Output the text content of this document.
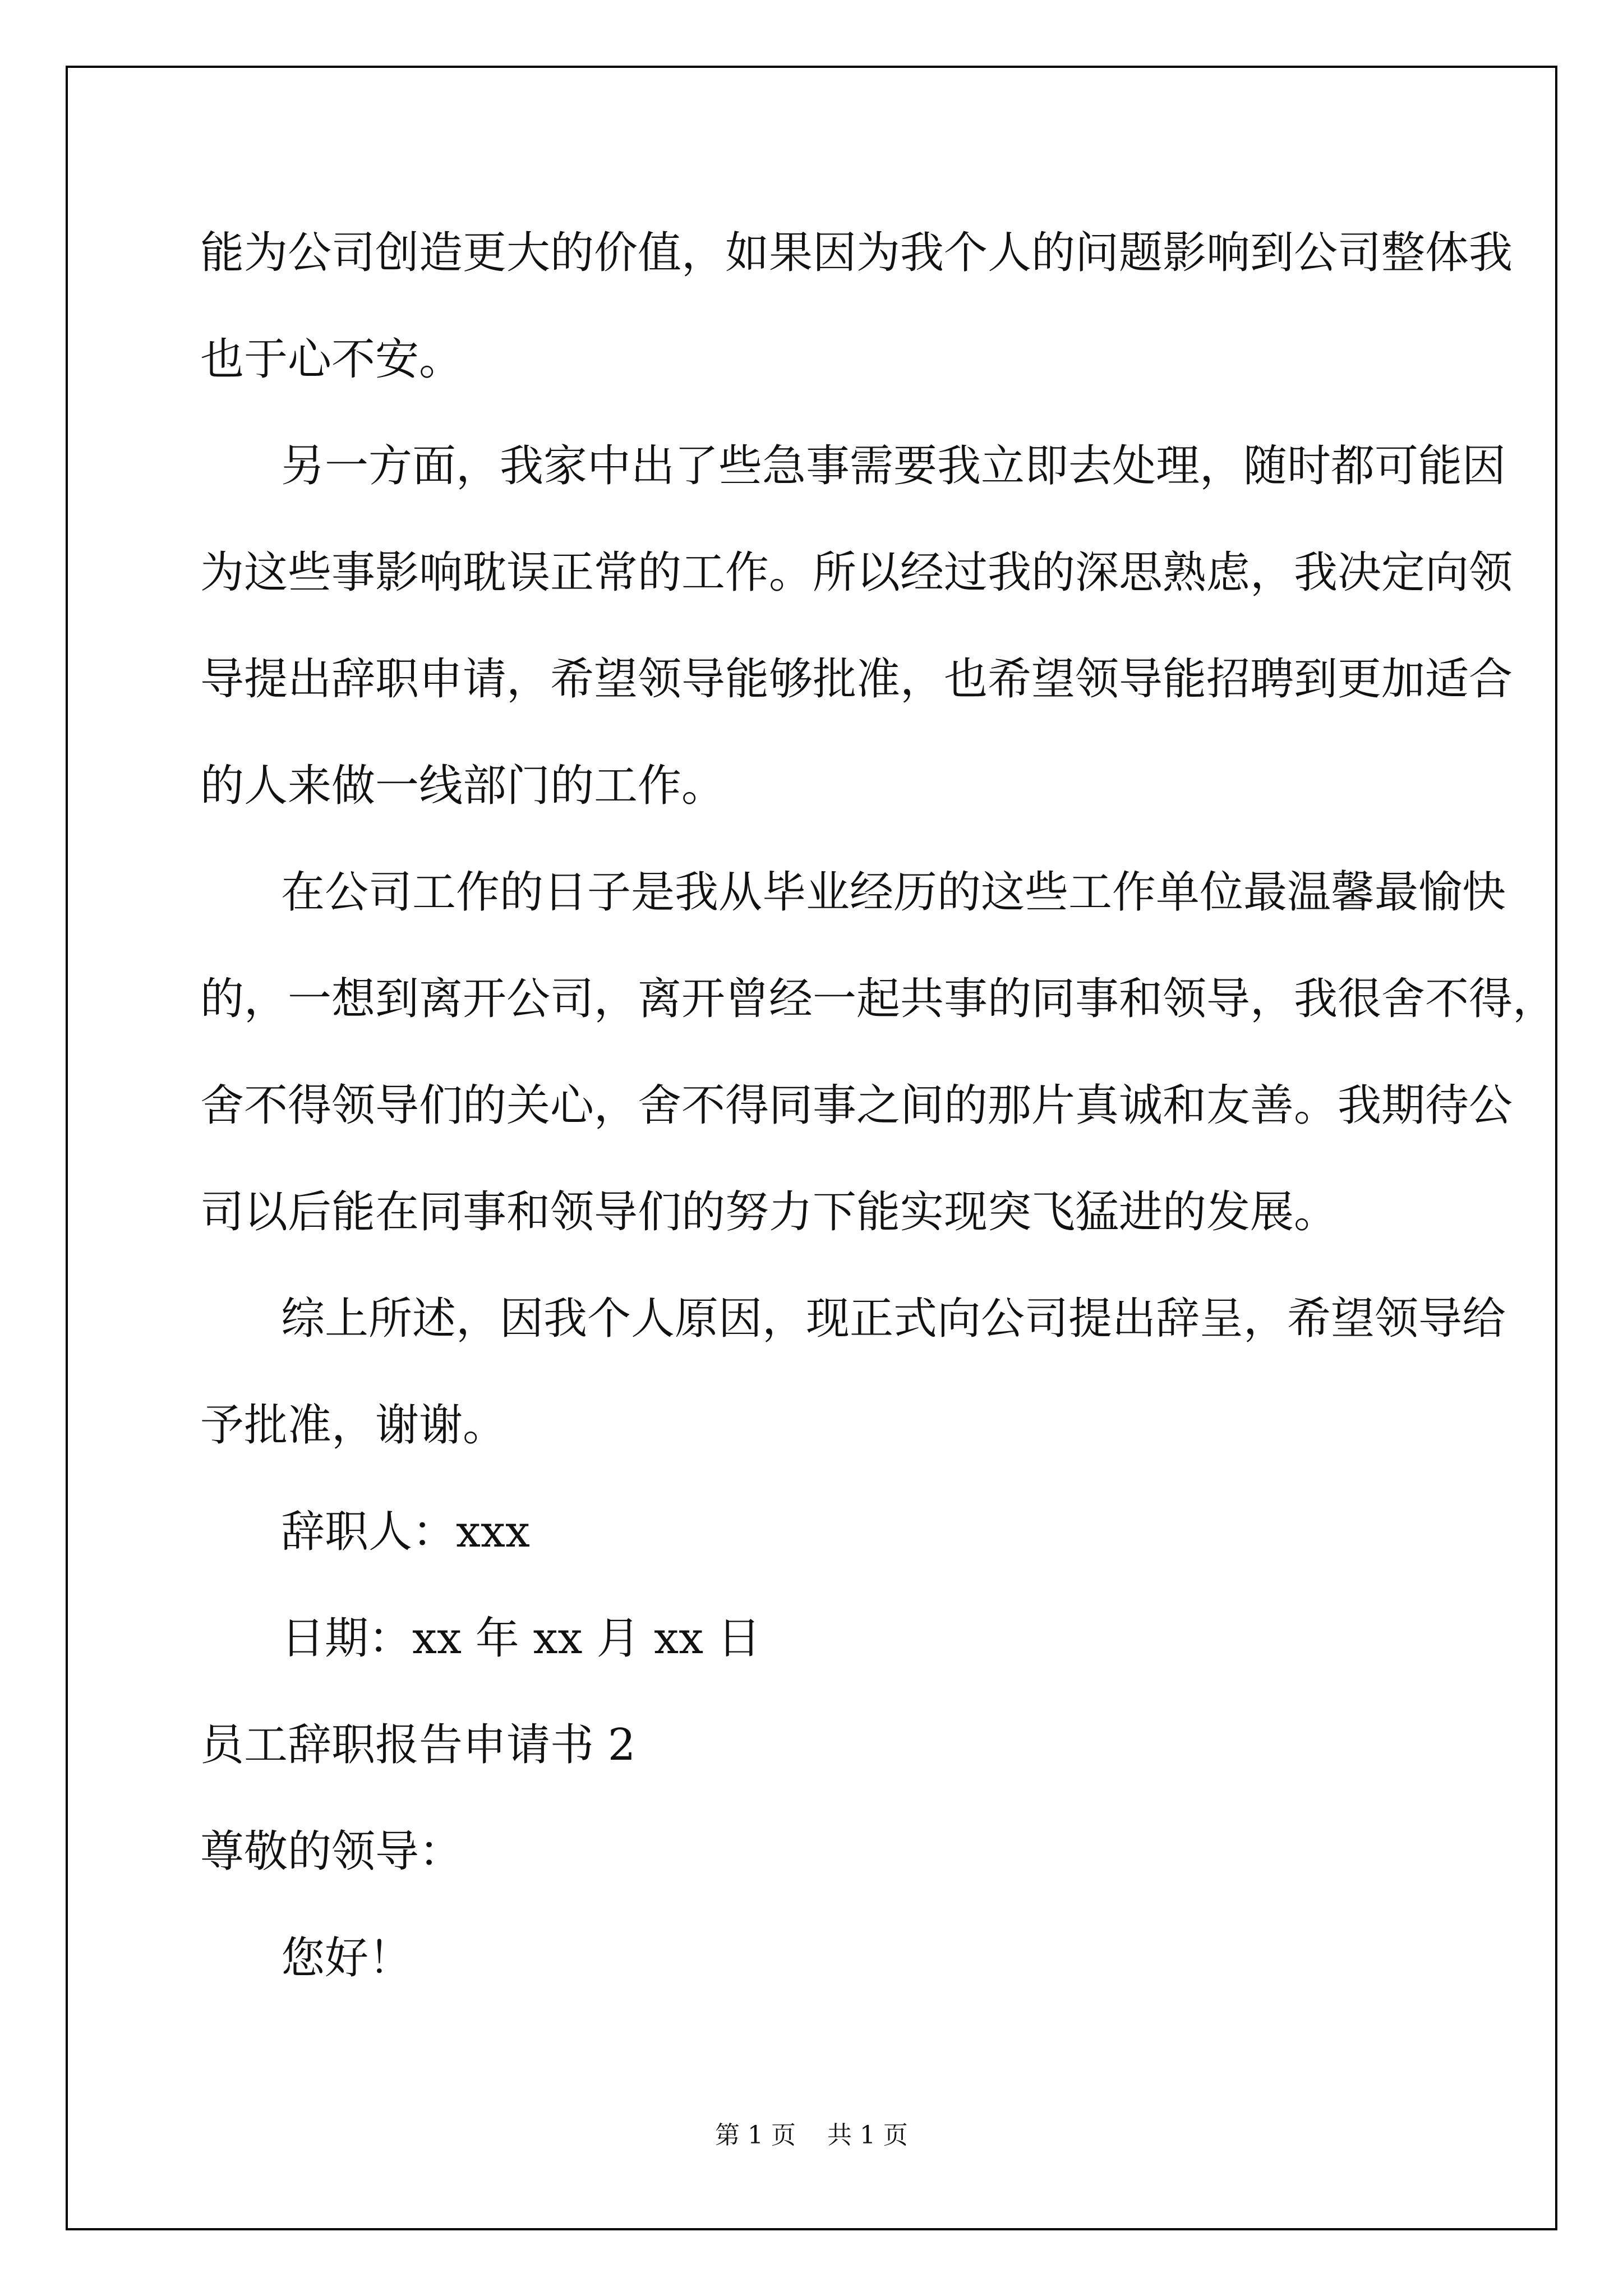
能为公司创造更大的价值，如果因为我个人的问题影响到公司整体我
也于心不安。
另一方面，我家中出了些急事需要我立即去处理，随时都可能因
为这些事影响耽误正常的工作。所以经过我的深思熟虑，我决定向领
导提出辞职申请，希望领导能够批准，也希望领导能招聘到更加适合
的人来做一线部门的工作。
在公司工作的日子是我从毕业经历的这些工作单位最温馨最愉快
的，一想到离开公司，离开曾经一起共事的同事和领导，我很舍不得，
舍不得领导们的关心，舍不得同事之间的那片真诚和友善。我期待公
司以后能在同事和领导们的努力下能实现突飞猛进的发展。
综上所述，因我个人原因，现正式向公司提出辞呈，希望领导给
予批准，谢谢。
辞职人：xxx
日期：xx 年 xx 月 xx 日
员工辞职报告申请书 2
尊敬的领导：
您好！
第 1 页    共 1 页
